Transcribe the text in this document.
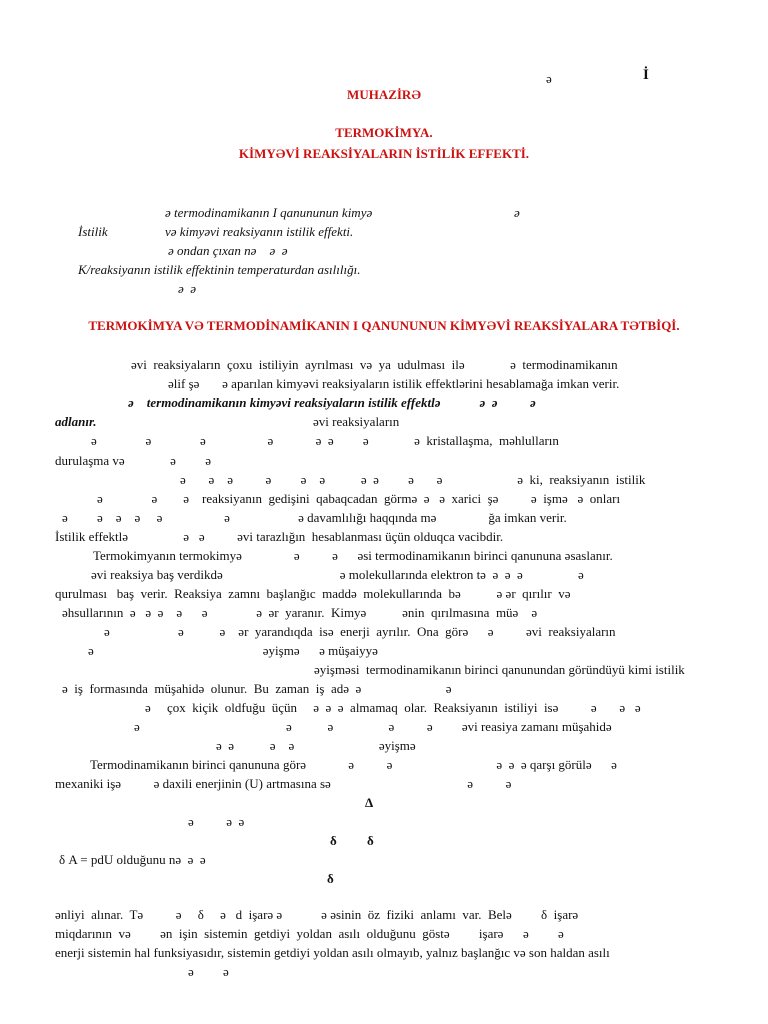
ə	İ
MUHAZİRƏ
TERMOKİMYA.
KİMYƏVİ REAKSİYALARIN İSTİLİK EFFEKTİ.
ə termodinamikanın I qanununun kimyə	ə
İstilik	və kimyəvi reaksiyanın istilik effekti.
ə ondan çıxan nə    ə  ə
K/reaksiyanın istilik effektinin temperaturdan asılılığı.
ə  ə
TERMOKİMYA VƏ TERMODİNAMİKANIN I QANUNUNUN KİMYƏVİ REAKSİYALARA TƏTBİQİ.
əvi  reaksiyaların  çoxu  istiliyin  ayrılması  və  ya  udulması  ilə              ə  termodinamikanın
əlif şə       ə aparılan kimyəvi reaksiyaların istilik effektlərini hesablamağa imkan verir.
ə    termodinamikanın kimyəvi reaksiyaların istilik effektlə            ə  ə          ə
adlanır.	əvi reaksiyaların
ə               ə               ə                   ə             ə  ə         ə              ə  kristallaşma,  məhlulların
durulaşma və              ə         ə
ə       ə    ə          ə         ə    ə           ə  ə         ə       ə                       ə  ki,  reaksiyanın  istilik
ə               ə        ə    reaksiyanın  gedişini  qabaqcadan  görmə  ə   ə  xarici  şə          ə  işmə   ə  onları
ə         ə    ə    ə     ə                   ə                     ə davamlılığı haqqında mə                ğa imkan verir.
İstilik effektlə                 ə   ə          əvi tarazlığın  hesablanması üçün olduqca vacibdir.
Termokimyanın termokimyə                ə          ə      əsi termodinamikanın birinci qanununa əsaslanır.
əvi reaksiya baş verdikdə                                    ə molekullarında elektron tə  ə  ə  ə                 ə
qurulması   baş  verir.  Reaksiya  zamnı  başlanğıc  maddə  molekullarında  bə           ə ər  qırılır  və
əhsullarının  ə   ə  ə    ə      ə               ə  ər  yaranır.  Kimyə           ənin  qırılmasına  müə    ə
ə                     ə           ə    ər  yarandıqda  isə  enerji  ayrılır.  Ona  görə      ə          əvi  reaksiyaların
ə                                                    əyişmə      ə müşaiyyə
əyişməsi  termodinamikanın birinci qanunundan göründüyü kimi istilik
ə  iş  formasında  müşahidə  olunur.  Bu  zaman  iş  adə  ə                          ə
ə     çox  kiçik  oldfuğu  üçün     ə  ə  ə  almamaq  olar.  Reaksiyanın  istiliyi  isə          ə       ə   ə
ə                                             ə           ə                 ə          ə         əvi reasiya zamanı müşahidə
ə  ə           ə    ə                          əyişmə
Termodinamikanın birinci qanununa görə             ə          ə                                ə  ə  ə qarşı görülə      ə
mexaniki işə          ə daxili enerjinin (U) artmasına sə                                          ə          ə
Δ
ə          ə  ə
δ δ
δ A = pdU olduğunu nə  ə  ə
δ
ənliyi  alınar.  Tə          ə     δ     ə   d  işarə ə            ə əsinin  öz  fiziki  anlamı  var.  Belə         δ  işarə
miqdarının  və         ən  işin  sistemin  getdiyi  yoldan  asılı  olduğunu  göstə         işarə      ə         ə
enerji sistemin hal funksiyasıdır, sistemin getdiyi yoldan asılı olmayıb, yalnız başlanğıc və son haldan asılı
ə         ə
